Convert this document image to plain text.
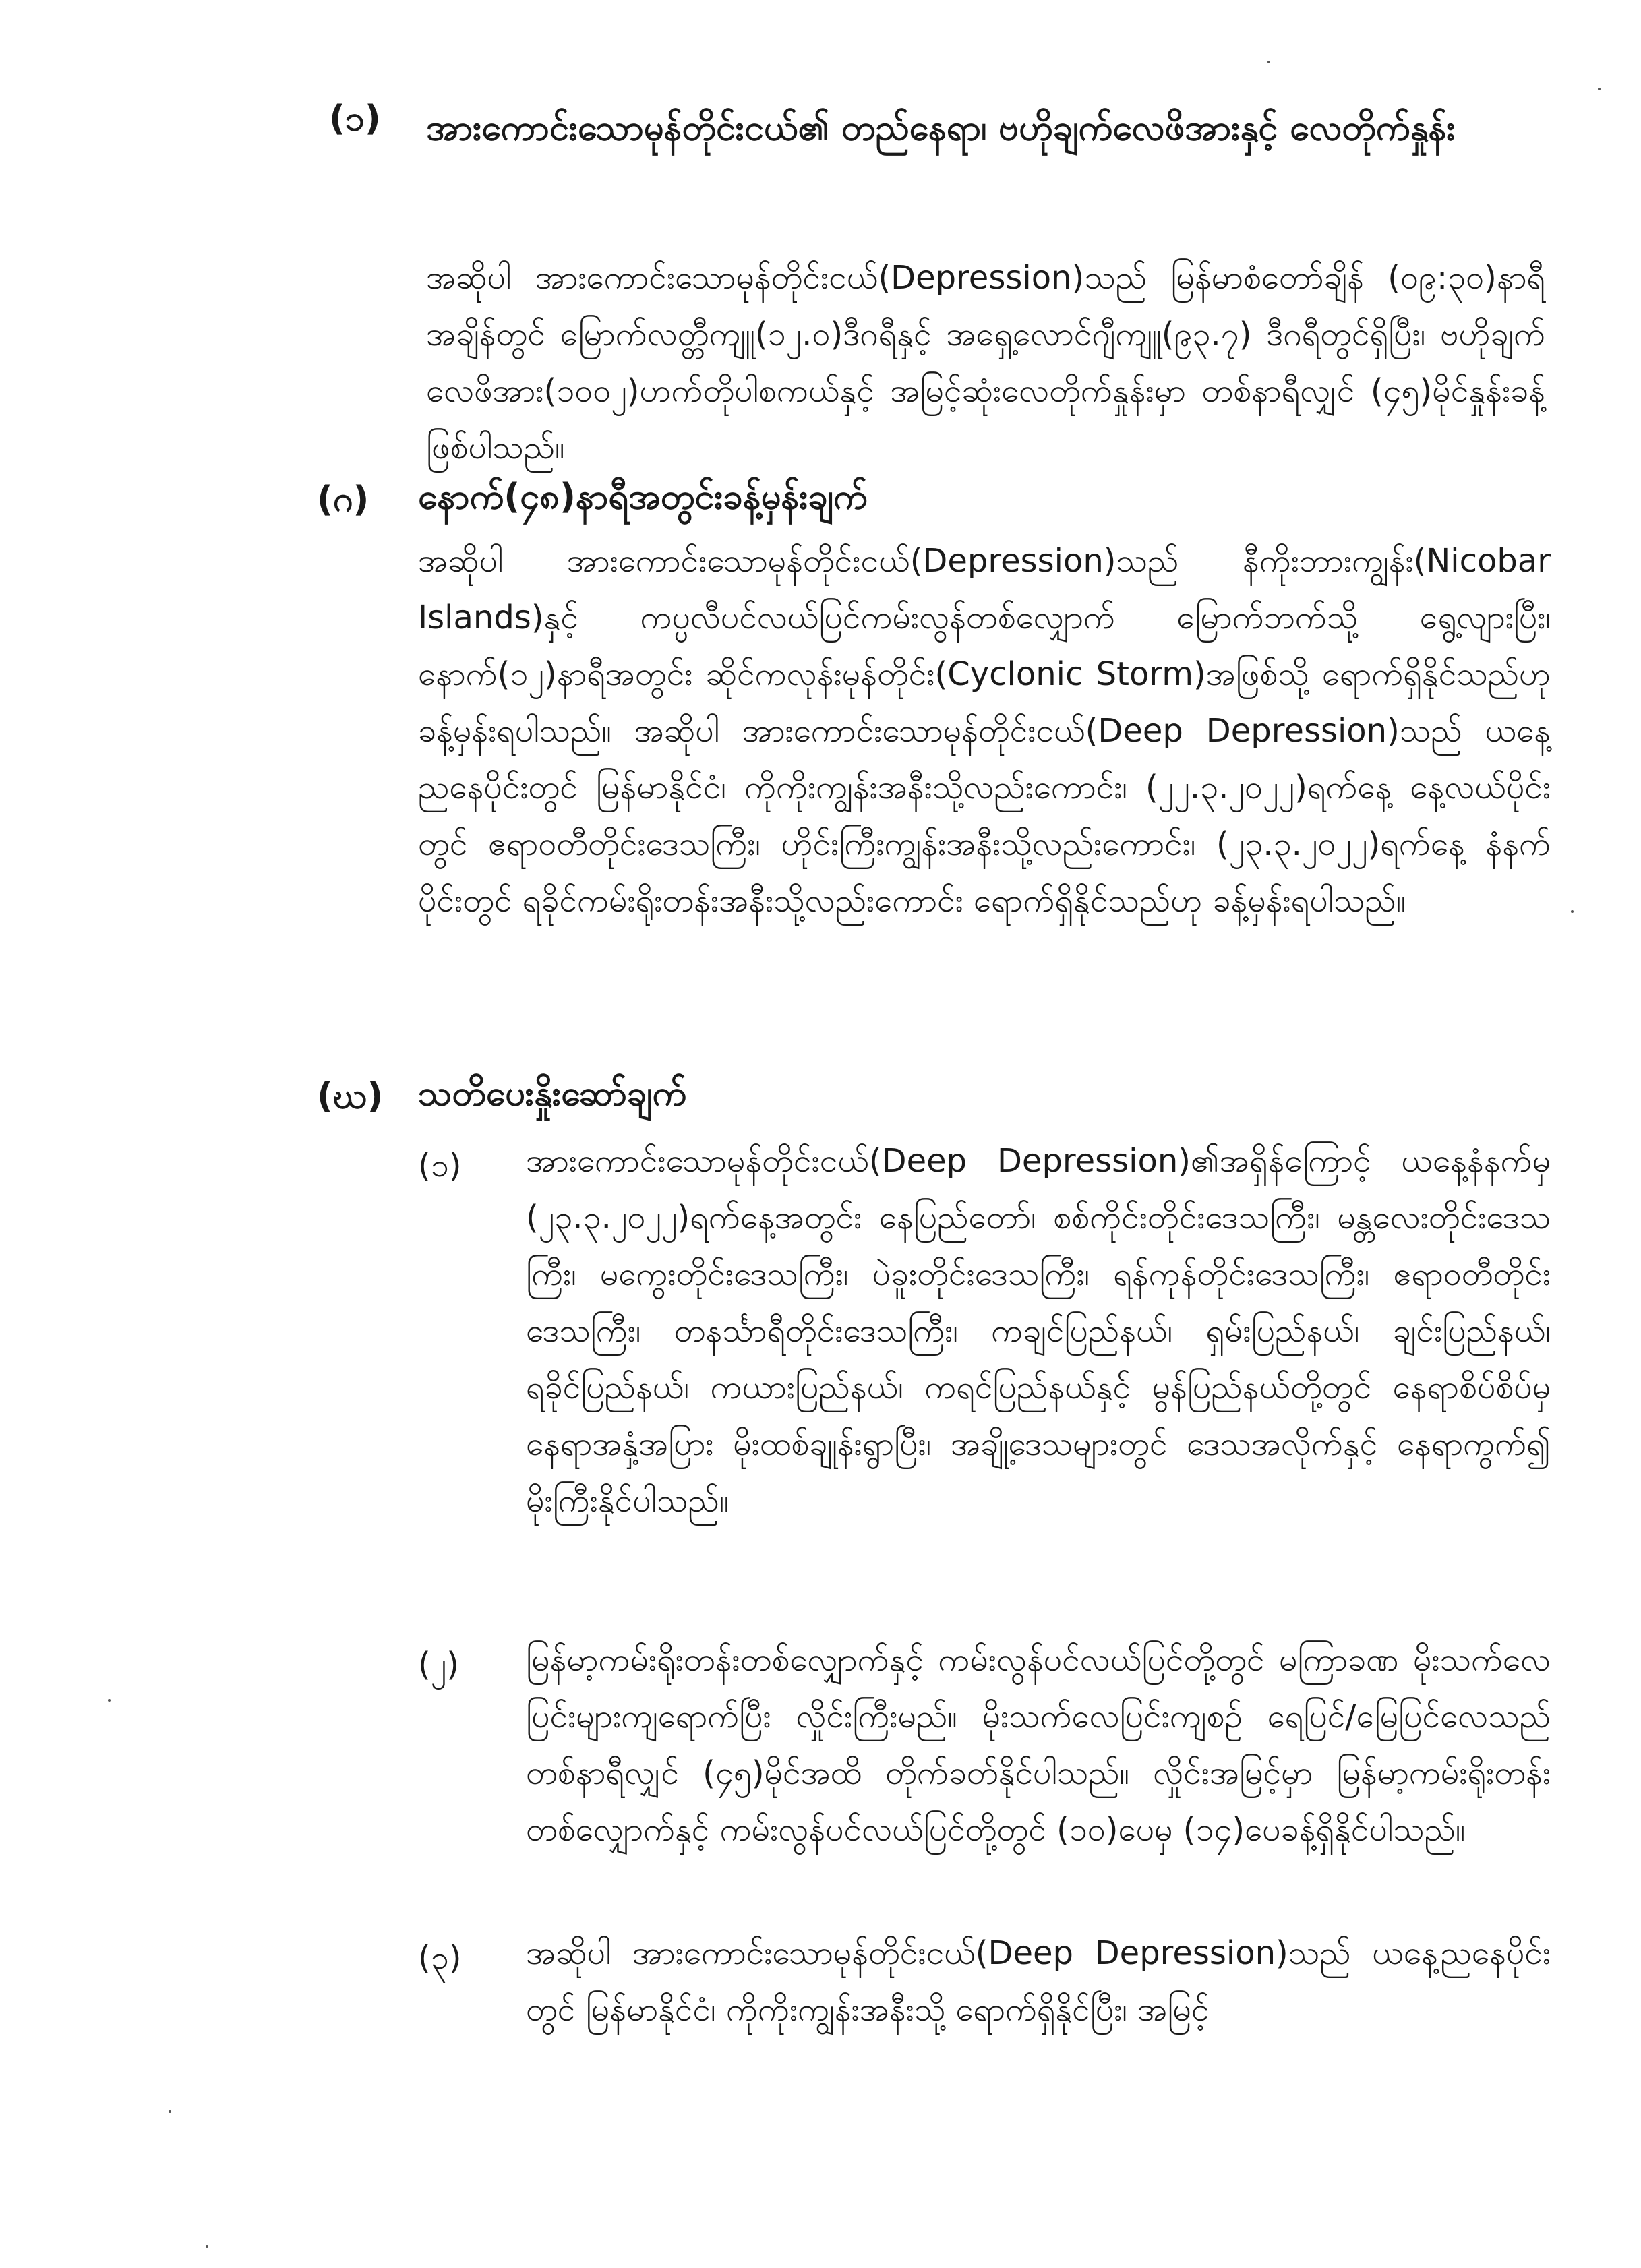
(၁) အားကောင်းသောမုန်တိုင်းငယ်၏ တည်နေရာ၊ ဗဟိုချက်လေဖိအားနှင့် လေတိုက်နှုန်း
အဆိုပါ အားကောင်းသောမုန်တိုင်းငယ်(Depression)သည် မြန်မာစံတော်ချိန် (၀၉:၃၀)နာရီအချိန်တွင် မြောက်လတ္တီကျူ(၁၂.၀)ဒီဂရီနှင့် အရှေ့လောင်ဂျီကျူ(၉၃.၇) ဒီဂရီတွင်ရှိပြီး၊ ဗဟိုချက်လေဖိအား(၁၀၀၂)ဟက်တိုပါစကယ်နှင့် အမြင့်ဆုံးလေတိုက်နှုန်းမှာ တစ်နာရီလျှင် (၄၅)မိုင်နှုန်းခန့် ဖြစ်ပါသည်။
(ဂ) နောက်(၄၈)နာရီအတွင်းခန့်မှန်းချက်
အဆိုပါ အားကောင်းသောမုန်တိုင်းငယ်(Depression)သည် နီကိုးဘားကျွန်း(Nicobar Islands)နှင့် ကပ္ပလီပင်လယ်ပြင်ကမ်းလွန်တစ်လျှောက် မြောက်ဘက်သို့ ရွေ့လျားပြီး၊ နောက်(၁၂)နာရီအတွင်း ဆိုင်ကလုန်းမုန်တိုင်း(Cyclonic Storm)အဖြစ်သို့ ရောက်ရှိနိုင်သည်ဟု ခန့်မှန်းရပါသည်။ အဆိုပါ အားကောင်းသောမုန်တိုင်းငယ်(Deep Depression)သည် ယနေ့ညနေပိုင်းတွင် မြန်မာနိုင်ငံ၊ ကိုကိုးကျွန်းအနီးသို့လည်းကောင်း၊ (၂၂.၃.၂၀၂၂)ရက်နေ့ နေ့လယ်ပိုင်းတွင် ဧရာဝတီတိုင်းဒေသကြီး၊ ဟိုင်းကြီးကျွန်းအနီးသို့လည်းကောင်း၊ (၂၃.၃.၂၀၂၂)ရက်နေ့ နံနက်ပိုင်းတွင် ရခိုင်ကမ်းရိုးတန်းအနီးသို့လည်းကောင်း ရောက်ရှိနိုင်သည်ဟု ခန့်မှန်းရပါသည်။
(ဃ) သတိပေးနှိုးဆော်ချက်
(၁) အားကောင်းသောမုန်တိုင်းငယ်(Deep Depression)၏အရှိန်ကြောင့် ယနေ့နံနက်မှ (၂၃.၃.၂၀၂၂)ရက်နေ့အတွင်း နေပြည်တော်၊ စစ်ကိုင်းတိုင်းဒေသကြီး၊ မန္တလေးတိုင်းဒေသကြီး၊ မကွေးတိုင်းဒေသကြီး၊ ပဲခူးတိုင်းဒေသကြီး၊ ရန်ကုန်တိုင်းဒေသကြီး၊ ဧရာဝတီတိုင်းဒေသကြီး၊ တနင်္သာရီတိုင်းဒေသကြီး၊ ကချင်ပြည်နယ်၊ ရှမ်းပြည်နယ်၊ ချင်းပြည်နယ်၊ ရခိုင်ပြည်နယ်၊ ကယားပြည်နယ်၊ ကရင်ပြည်နယ်နှင့် မွန်ပြည်နယ်တို့တွင် နေရာစိပ်စိပ်မှ နေရာအနှံ့အပြား မိုးထစ်ချုန်းရွာပြီး၊ အချို့ဒေသများတွင် ဒေသအလိုက်နှင့် နေရာကွက်၍ မိုးကြီးနိုင်ပါသည်။
(၂) မြန်မာ့ကမ်းရိုးတန်းတစ်လျှောက်နှင့် ကမ်းလွန်ပင်လယ်ပြင်တို့တွင် မကြာခဏ မိုးသက်လေပြင်းများကျရောက်ပြီး လှိုင်းကြီးမည်။ မိုးသက်လေပြင်းကျစဉ် ရေပြင်/မြေပြင်လေသည် တစ်နာရီလျှင် (၄၅)မိုင်အထိ တိုက်ခတ်နိုင်ပါသည်။ လှိုင်းအမြင့်မှာ မြန်မာ့ကမ်းရိုးတန်းတစ်လျှောက်နှင့် ကမ်းလွန်ပင်လယ်ပြင်တို့တွင် (၁၀)ပေမှ (၁၄)ပေခန့်ရှိနိုင်ပါသည်။
(၃) အဆိုပါ အားကောင်းသောမုန်တိုင်းငယ်(Deep Depression)သည် ယနေ့ညနေပိုင်းတွင် မြန်မာနိုင်ငံ၊ ကိုကိုးကျွန်းအနီးသို့ ရောက်ရှိနိုင်ပြီး၊ အမြင့်
